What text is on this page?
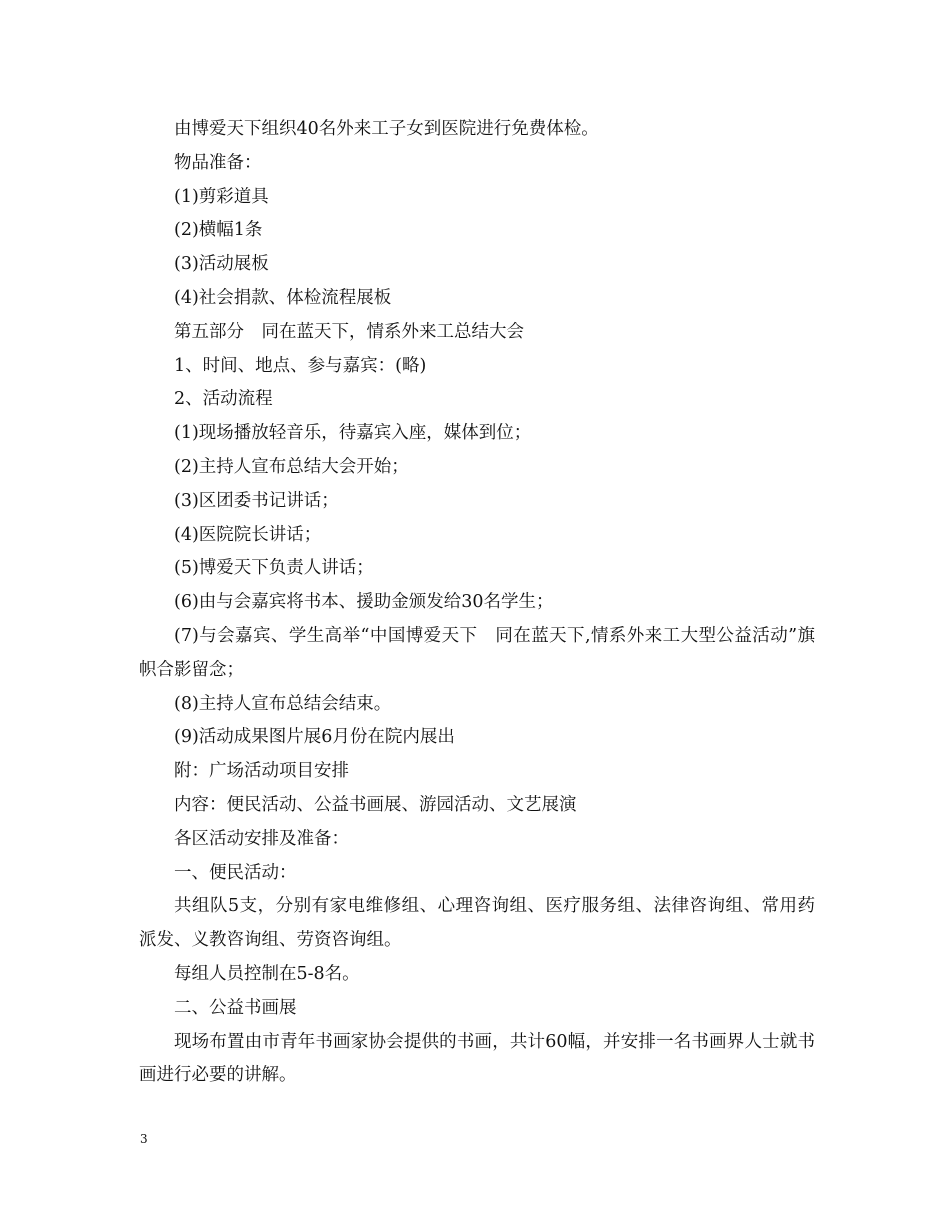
由博爱天下组织40名外来工子女到医院进行免费体检。

物品准备：

(1)剪彩道具

(2)横幅1条

(3)活动展板

(4)社会捐款、体检流程展板

第五部分　同在蓝天下，情系外来工总结大会

1、时间、地点、参与嘉宾：(略)

2、活动流程

(1)现场播放轻音乐，待嘉宾入座，媒体到位；

(2)主持人宣布总结大会开始；

(3)区团委书记讲话；

(4)医院院长讲话；

(5)博爱天下负责人讲话；

(6)由与会嘉宾将书本、援助金颁发给30名学生；

(7)与会嘉宾、学生高举“中国博爱天下　同在蓝天下,情系外来工大型公益活动”旗帜合影留念；

(8)主持人宣布总结会结束。

(9)活动成果图片展6月份在院内展出

附：广场活动项目安排

内容：便民活动、公益书画展、游园活动、文艺展演

各区活动安排及准备：

一、便民活动：

共组队5支，分别有家电维修组、心理咨询组、医疗服务组、法律咨询组、常用药派发、义教咨询组、劳资咨询组。

每组人员控制在5-8名。

二、公益书画展

现场布置由市青年书画家协会提供的书画，共计60幅，并安排一名书画界人士就书画进行必要的讲解。

3
